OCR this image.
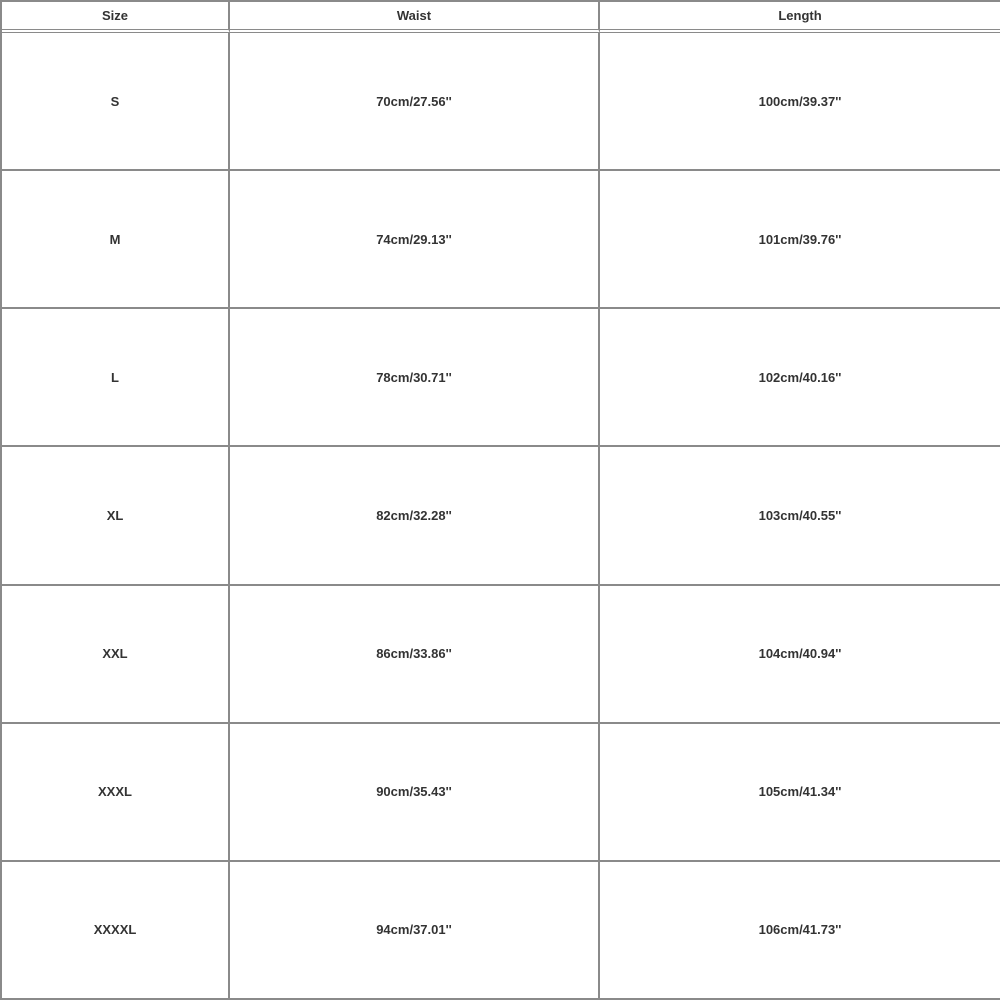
Size	Waist	Length
S	70cm/27.56''	100cm/39.37''
M	74cm/29.13''	101cm/39.76''
L	78cm/30.71''	102cm/40.16''
XL	82cm/32.28''	103cm/40.55''
XXL	86cm/33.86''	104cm/40.94''
XXXL	90cm/35.43''	105cm/41.34''
XXXXL	94cm/37.01''	106cm/41.73''
